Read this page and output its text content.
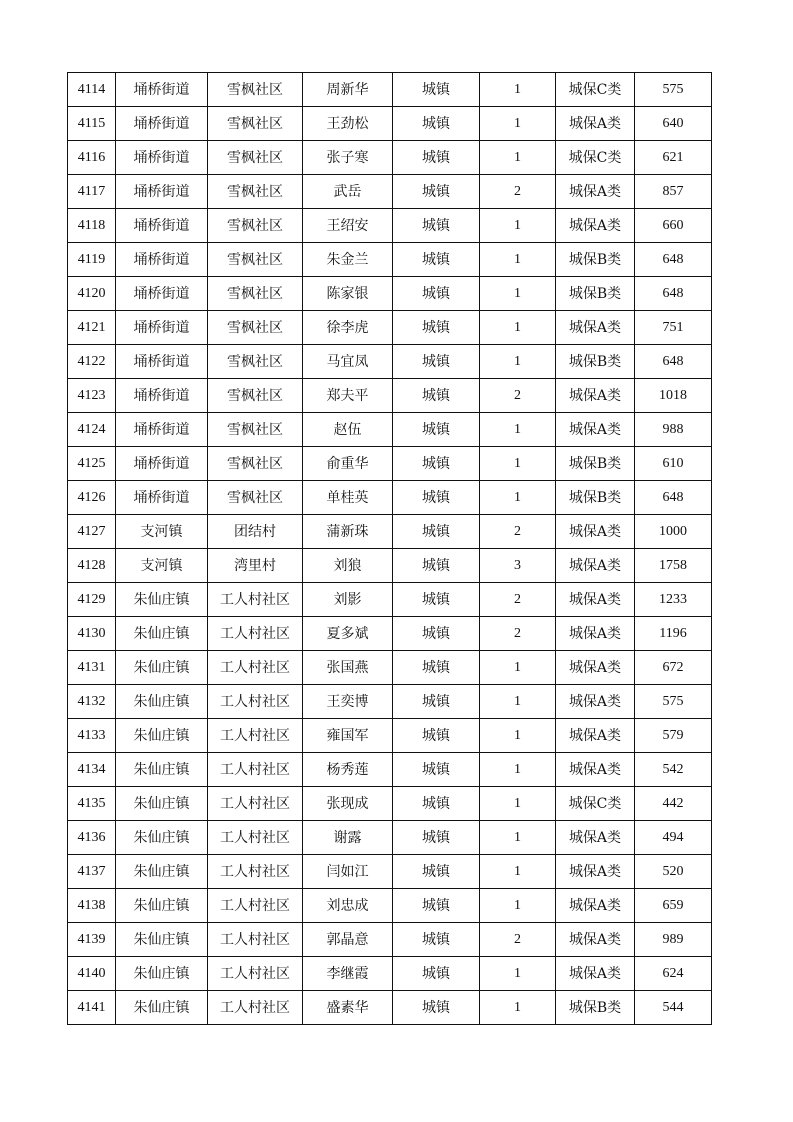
4114	埇桥街道	雪枫社区	周新华	城镇	1	城保C类	575
4115	埇桥街道	雪枫社区	王劲松	城镇	1	城保A类	640
4116	埇桥街道	雪枫社区	张子寒	城镇	1	城保C类	621
4117	埇桥街道	雪枫社区	武岳	城镇	2	城保A类	857
4118	埇桥街道	雪枫社区	王绍安	城镇	1	城保A类	660
4119	埇桥街道	雪枫社区	朱金兰	城镇	1	城保B类	648
4120	埇桥街道	雪枫社区	陈家银	城镇	1	城保B类	648
4121	埇桥街道	雪枫社区	徐李虎	城镇	1	城保A类	751
4122	埇桥街道	雪枫社区	马宜凤	城镇	1	城保B类	648
4123	埇桥街道	雪枫社区	郑夫平	城镇	2	城保A类	1018
4124	埇桥街道	雪枫社区	赵伍	城镇	1	城保A类	988
4125	埇桥街道	雪枫社区	俞重华	城镇	1	城保B类	610
4126	埇桥街道	雪枫社区	单桂英	城镇	1	城保B类	648
4127	支河镇	团结村	蒲新珠	城镇	2	城保A类	1000
4128	支河镇	湾里村	刘狼	城镇	3	城保A类	1758
4129	朱仙庄镇	工人村社区	刘影	城镇	2	城保A类	1233
4130	朱仙庄镇	工人村社区	夏多斌	城镇	2	城保A类	1196
4131	朱仙庄镇	工人村社区	张国燕	城镇	1	城保A类	672
4132	朱仙庄镇	工人村社区	王奕博	城镇	1	城保A类	575
4133	朱仙庄镇	工人村社区	雍国军	城镇	1	城保A类	579
4134	朱仙庄镇	工人村社区	杨秀莲	城镇	1	城保A类	542
4135	朱仙庄镇	工人村社区	张现成	城镇	1	城保C类	442
4136	朱仙庄镇	工人村社区	谢露	城镇	1	城保A类	494
4137	朱仙庄镇	工人村社区	闫如江	城镇	1	城保A类	520
4138	朱仙庄镇	工人村社区	刘忠成	城镇	1	城保A类	659
4139	朱仙庄镇	工人村社区	郭晶意	城镇	2	城保A类	989
4140	朱仙庄镇	工人村社区	李继霞	城镇	1	城保A类	624
4141	朱仙庄镇	工人村社区	盛素华	城镇	1	城保B类	544
